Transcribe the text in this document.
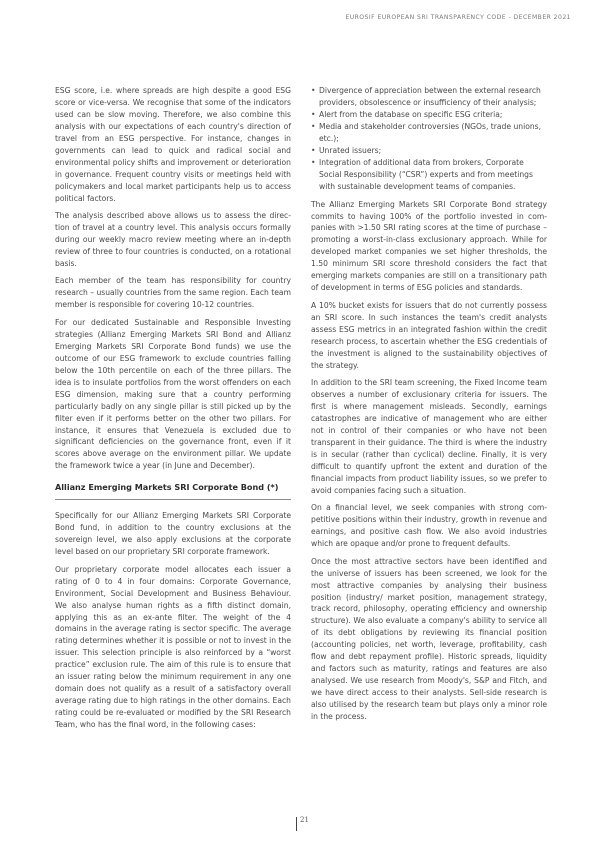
EUROSIF EUROPEAN SRI TRANSPARENCY CODE - DECEMBER 2021

ESG score, i.e. where spreads are high despite a good ESG score or vice-versa. We recognise that some of the indicators used can be slow moving. Therefore, we also combine this analysis with our expectations of each country's direction of travel from an ESG perspective. For instance, changes in governments can lead to quick and radical social and environmental policy shifts and improvement or deterioration in governance. Frequent country visits or meetings held with policymakers and local market participants help us to access political factors.

The analysis described above allows us to assess the direction of travel at a country level. This analysis occurs formally during our weekly macro review meeting where an in-depth review of three to four countries is conducted, on a rotational basis.

Each member of the team has responsibility for country research – usually countries from the same region. Each team member is responsible for covering 10-12 countries.

For our dedicated Sustainable and Responsible Investing strategies (Allianz Emerging Markets SRI Bond and Allianz Emerging Markets SRI Corporate Bond funds) we use the outcome of our ESG framework to exclude countries falling below the 10th percentile on each of the three pillars. The idea is to insulate portfolios from the worst offenders on each ESG dimension, making sure that a country performing particularly badly on any single pillar is still picked up by the filter even if it performs better on the other two pillars. For instance, it ensures that Venezuela is excluded due to significant deficiencies on the governance front, even if it scores above average on the environment pillar. We update the framework twice a year (in June and December).

Allianz Emerging Markets SRI Corporate Bond (*)

Specifically for our Allianz Emerging Markets SRI Corporate Bond fund, in addition to the country exclusions at the sovereign level, we also apply exclusions at the corporate level based on our proprietary SRI corporate framework.

Our proprietary corporate model allocates each issuer a rating of 0 to 4 in four domains: Corporate Governance, Environment, Social Development and Business Behaviour. We also analyse human rights as a fifth distinct domain, applying this as an ex-ante filter. The weight of the 4 domains in the average rating is sector specific. The average rating determines whether it is possible or not to invest in the issuer. This selection principle is also reinforced by a “worst practice” exclusion rule. The aim of this rule is to ensure that an issuer rating below the minimum requirement in any one domain does not qualify as a result of a satisfactory overall average rating due to high ratings in the other domains. Each rating could be re-evaluated or modified by the SRI Research Team, who has the final word, in the following cases:

• Divergence of appreciation between the external research providers, obsolescence or insufficiency of their analysis;
• Alert from the database on specific ESG criteria;
• Media and stakeholder controversies (NGOs, trade unions, etc.);
• Unrated issuers;
• Integration of additional data from brokers, Corporate Social Responsibility (“CSR”) experts and from meetings with sustainable development teams of companies.

The Allianz Emerging Markets SRI Corporate Bond strategy commits to having 100% of the portfolio invested in companies with >1.50 SRI rating scores at the time of purchase – promoting a worst-in-class exclusionary approach. While for developed market companies we set higher thresholds, the 1.50 minimum SRI score threshold considers the fact that emerging markets companies are still on a transitionary path of development in terms of ESG policies and standards.

A 10% bucket exists for issuers that do not currently possess an SRI score. In such instances the team's credit analysts assess ESG metrics in an integrated fashion within the credit research process, to ascertain whether the ESG credentials of the investment is aligned to the sustainability objectives of the strategy.

In addition to the SRI team screening, the Fixed Income team observes a number of exclusionary criteria for issuers. The first is where management misleads. Secondly, earnings catastrophes are indicative of management who are either not in control of their companies or who have not been transparent in their guidance. The third is where the industry is in secular (rather than cyclical) decline. Finally, it is very difficult to quantify upfront the extent and duration of the financial impacts from product liability issues, so we prefer to avoid companies facing such a situation.

On a financial level, we seek companies with strong competitive positions within their industry, growth in revenue and earnings, and positive cash flow. We also avoid industries which are opaque and/or prone to frequent defaults.

Once the most attractive sectors have been identified and the universe of issuers has been screened, we look for the most attractive companies by analysing their business position (industry/ market position, management strategy, track record, philosophy, operating efficiency and ownership structure). We also evaluate a company's ability to service all of its debt obligations by reviewing its financial position (accounting policies, net worth, leverage, profitability, cash flow and debt repayment profile). Historic spreads, liquidity and factors such as maturity, ratings and features are also analysed. We use research from Moody's, S&P and Fitch, and we have direct access to their analysts. Sell-side research is also utilised by the research team but plays only a minor role in the process.

21
